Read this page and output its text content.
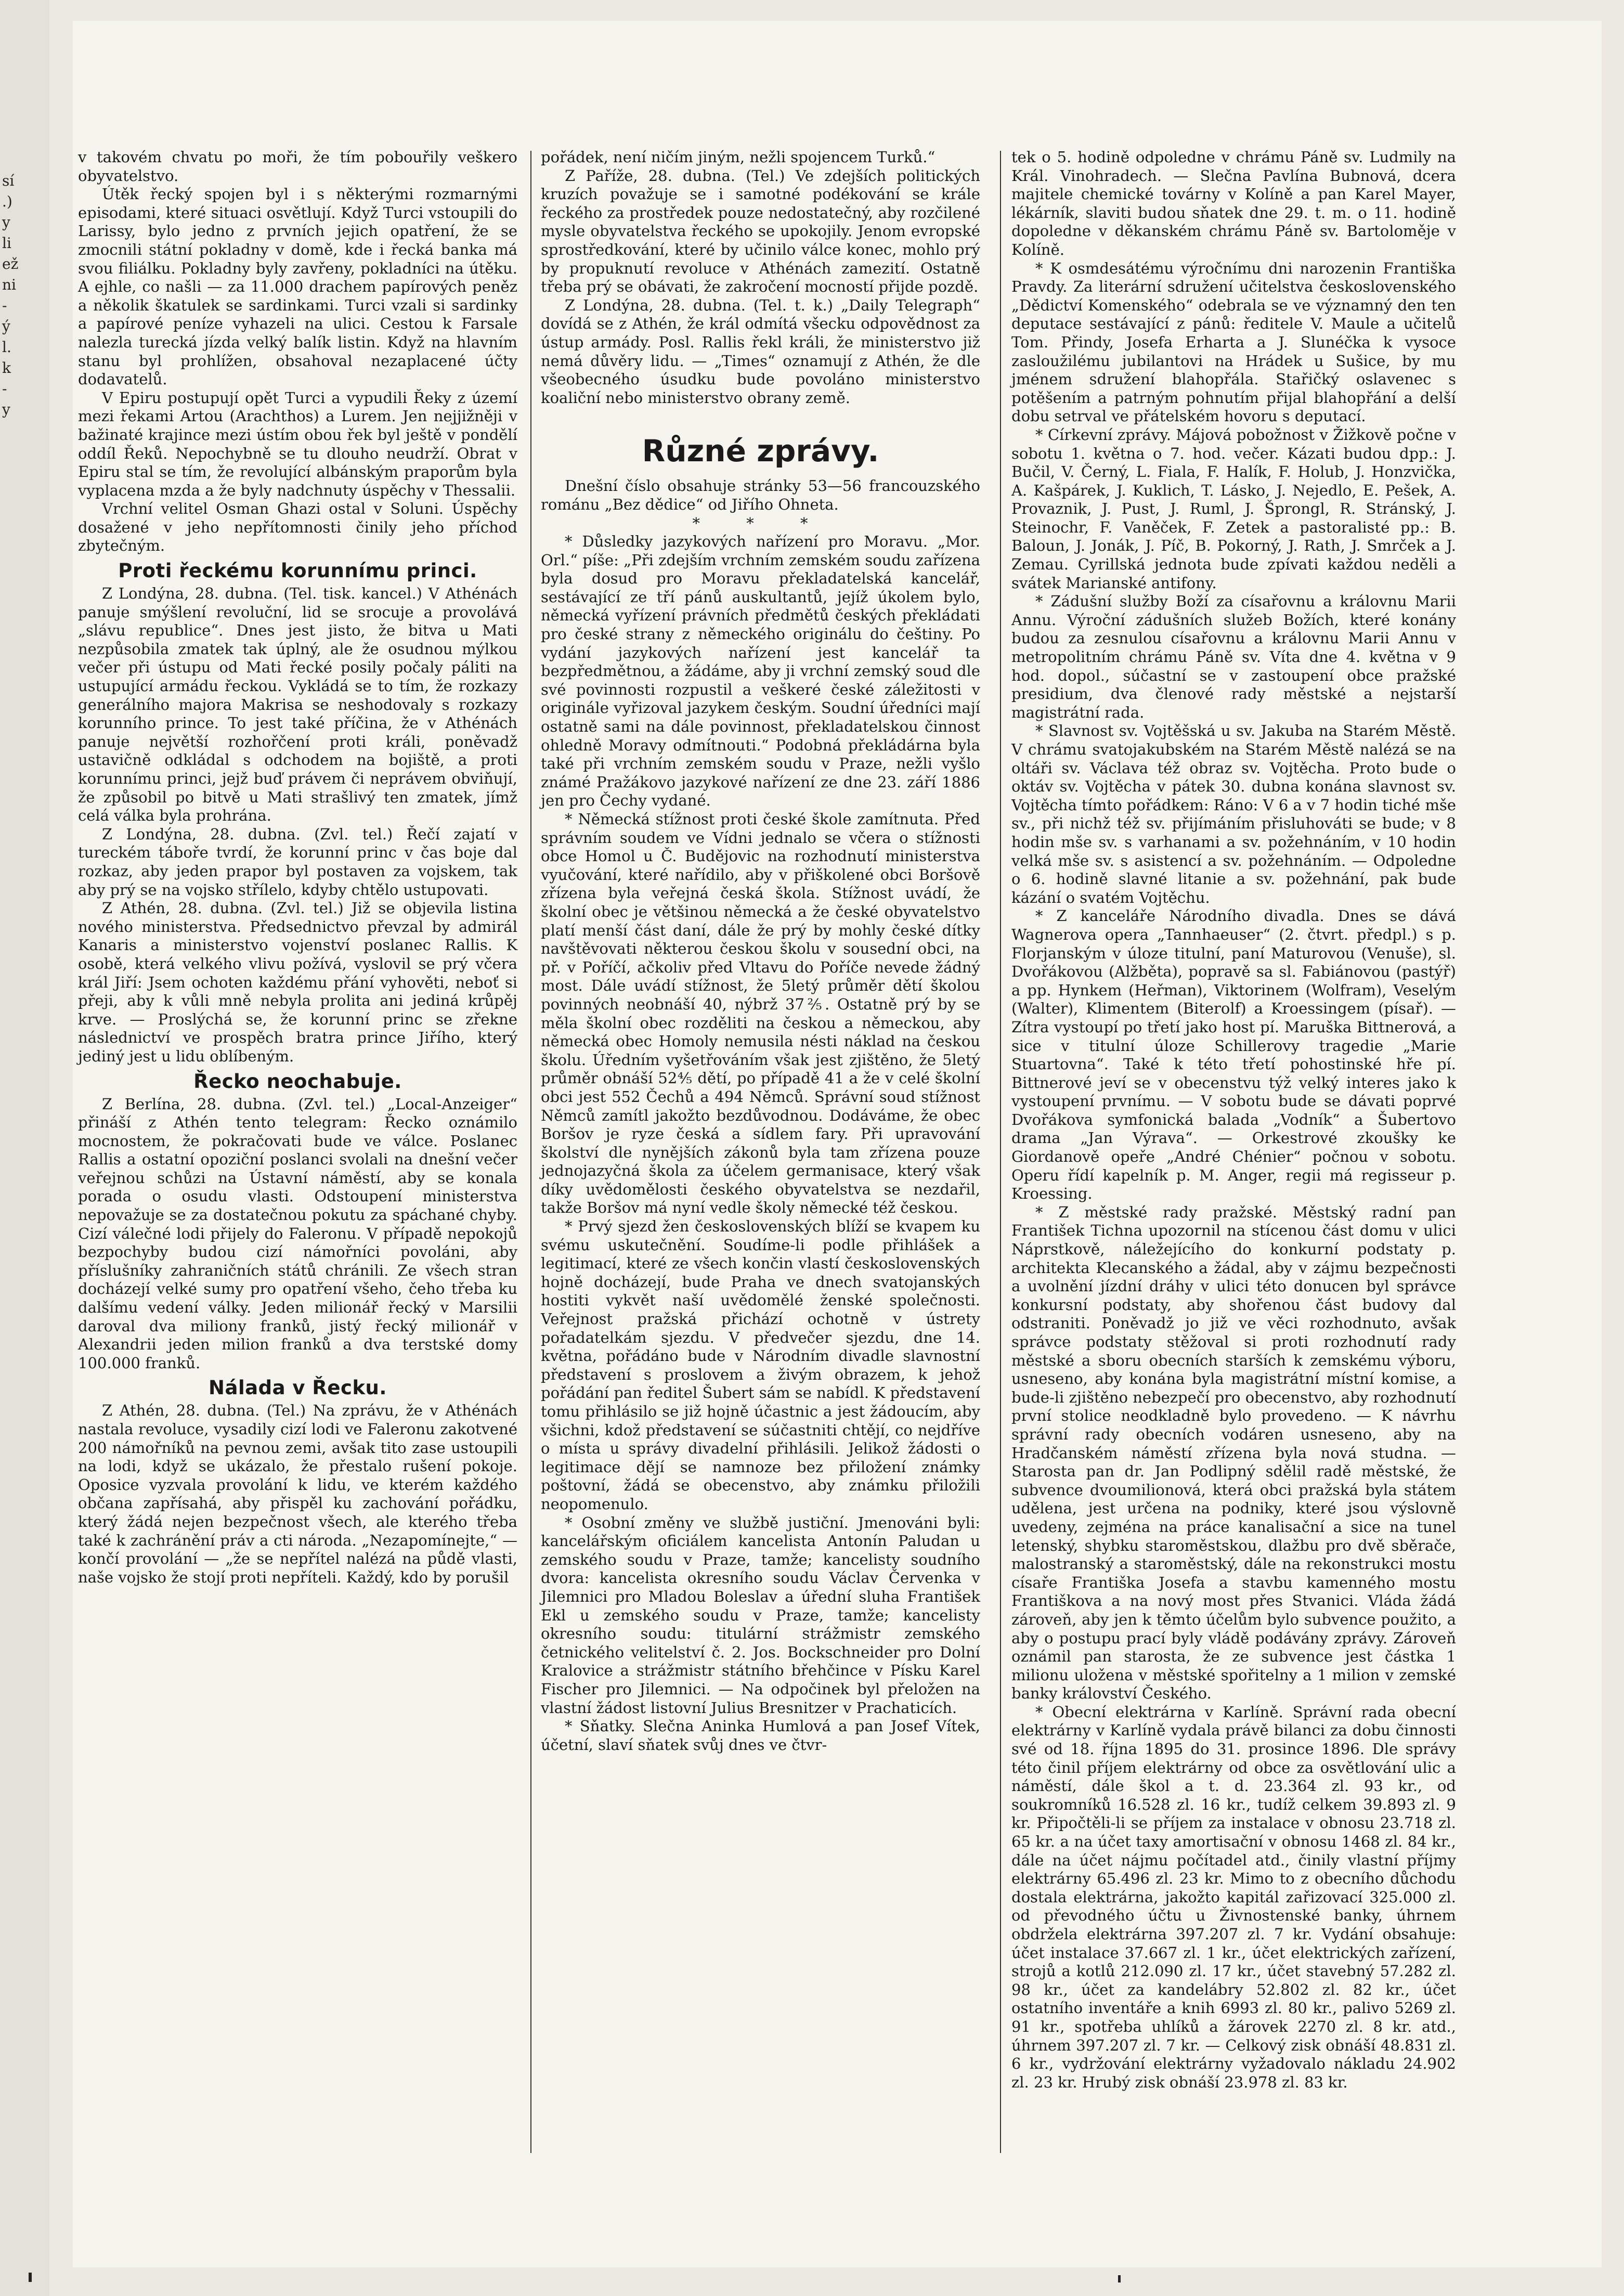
sí
.)
y
li
ež
ni
-
ý
l.
k
-
y

v takovém chvatu po moři, že tím pobouřily veškero obyvatelstvo.

Útěk řecký spojen byl i s některými rozmarnými episodami, které situaci osvětlují. Když Turci vstoupili do Larissy, bylo jedno z prvních jejich opatření, že se zmocnili státní pokladny v domě, kde i řecká banka má svou filiálku. Pokladny byly zavřeny, pokladníci na útěku. A ejhle, co našli — za 11.000 drachem papírových peněz a několik škatulek se sardinkami. Turci vzali si sardinky a papírové peníze vyhazeli na ulici. Cestou k Farsale nalezla turecká jízda velký balík listin. Když na hlavním stanu byl prohlížen, obsahoval nezaplacené účty dodavatelů.

V Epiru postupují opět Turci a vypudili Řeky z území mezi řekami Artou (Arachthos) a Lurem. Jen nejjižněji v bažinaté krajince mezi ústím obou řek byl ještě v pondělí oddíl Řeků. Nepochybně se tu dlouho neudrží. Obrat v Epiru stal se tím, že revolující albánským praporům byla vyplacena mzda a že byly nadchnuty úspěchy v Thessalii.

Vrchní velitel Osman Ghazi ostal v Soluni. Úspěchy dosažené v jeho nepřítomnosti činily jeho příchod zbytečným.

Proti řeckému korunnímu princi.

Z Londýna, 28. dubna. (Tel. tisk. kancel.) V Athénách panuje smýšlení revoluční, lid se srocuje a provolává „slávu republice“. Dnes jest jisto, že bitva u Mati nezpůsobila zmatek tak úplný, ale že osudnou mýlkou večer při ústupu od Mati řecké posily počaly páliti na ustupující armádu řeckou. Vykládá se to tím, že rozkazy generálního majora Makrisa se neshodovaly s rozkazy korunního prince. To jest také příčina, že v Athénách panuje největší rozhořčení proti králi, poněvadž ustavičně odkládal s odchodem na bojiště, a proti korunnímu princi, jejž buď právem či neprávem obviňují, že způsobil po bitvě u Mati strašlivý ten zmatek, jímž celá válka byla prohrána.

Z Londýna, 28. dubna. (Zvl. tel.) Řečí zajatí v tureckém táboře tvrdí, že korunní princ v čas boje dal rozkaz, aby jeden prapor byl postaven za vojskem, tak aby prý se na vojsko střílelo, kdyby chtělo ustupovati.

Z Athén, 28. dubna. (Zvl. tel.) Již se objevila listina nového ministerstva. Předsednictvo převzal by admirál Kanaris a ministerstvo vojenství poslanec Rallis. K osobě, která velkého vlivu požívá, vyslovil se prý včera král Jiří: Jsem ochoten každému přání vyhověti, neboť si přeji, aby k vůli mně nebyla prolita ani jediná krůpěj krve. — Proslýchá se, že korunní princ se zřekne následnictví ve prospěch bratra prince Jiřího, který jediný jest u lidu oblíbeným.

Řecko neochabuje.

Z Berlína, 28. dubna. (Zvl. tel.) „Local-Anzeiger“ přináší z Athén tento telegram: Řecko oznámilo mocnostem, že pokračovati bude ve válce. Poslanec Rallis a ostatní opoziční poslanci svolali na dnešní večer veřejnou schůzi na Ústavní náměstí, aby se konala porada o osudu vlasti. Odstoupení ministerstva nepovažuje se za dostatečnou pokutu za spáchané chyby. Cizí válečné lodi přijely do Faleronu. V případě nepokojů bezpochyby budou cizí námořníci povoláni, aby příslušníky zahraničních států chránili. Ze všech stran docházejí velké sumy pro opatření všeho, čeho třeba ku dalšímu vedení války. Jeden milionář řecký v Marsilii daroval dva miliony franků, jistý řecký milionář v Alexandrii jeden milion franků a dva terstské domy 100.000 franků.

Nálada v Řecku.

Z Athén, 28. dubna. (Tel.) Na zprávu, že v Athénách nastala revoluce, vysadily cizí lodi ve Faleronu zakotvené 200 námořníků na pevnou zemi, avšak tito zase ustoupili na lodi, když se ukázalo, že přestalo rušení pokoje. Oposice vyzvala provolání k lidu, ve kterém každého občana zapřísahá, aby přispěl ku zachování pořádku, který žádá nejen bezpečnost všech, ale kterého třeba také k zachránění práv a cti národa. „Nezapomínejte,“ — končí provolání — „že se nepřítel nalézá na půdě vlasti, naše vojsko že stojí proti nepříteli. Každý, kdo by porušil

pořádek, není ničím jiným, nežli spojencem Turků.“

Z Paříže, 28. dubna. (Tel.) Ve zdejších politických kruzích považuje se i samotné podékování se krále řeckého za prostředek pouze nedostatečný, aby rozčilené mysle obyvatelstva řeckého se upokojily. Jenom evropské sprostředkování, které by učinilo válce konec, mohlo prý by propuknutí revoluce v Athénách zamezití. Ostatně třeba prý se obávati, že zakročení mocností přijde pozdě.

Z Londýna, 28. dubna. (Tel. t. k.) „Daily Telegraph“ dovídá se z Athén, že král odmítá všecku odpovědnost za ústup armády. Posl. Rallis řekl králi, že ministerstvo již nemá důvěry lidu. — „Times“ oznamují z Athén, že dle všeobecného úsudku bude povoláno ministerstvo koaliční nebo ministerstvo obrany země.

Různé zprávy.

Dnešní číslo obsahuje stránky 53—56 francouzského románu „Bez dědice“ od Jiřího Ohneta.

* * *

* Důsledky jazykových nařízení pro Moravu. „Mor. Orl.“ píše: „Při zdejším vrchním zemském soudu zařízena byla dosud pro Moravu překladatelská kancelář, sestávající ze tří pánů auskultantů, jejíž úkolem bylo, německá vyřízení právních předmětů českých překládati pro české strany z německého originálu do češtiny. Po vydání jazykových nařízení jest kancelář ta bezpředmětnou, a žádáme, aby ji vrchní zemský soud dle své povinnosti rozpustil a veškeré české záležitosti v originále vyřizoval jazykem českým. Soudní úředníci mají ostatně sami na dále povinnost, překladatelskou činnost ohledně Moravy odmítnouti.“ Podobná překládárna byla také při vrchním zemském soudu v Praze, nežli vyšlo známé Pražákovo jazykové nařízení ze dne 23. září 1886 jen pro Čechy vydané.

* Německá stížnost proti české škole zamítnuta. Před správním soudem ve Vídni jednalo se včera o stížnosti obce Homol u Č. Budějovic na rozhodnutí ministerstva vyučování, které nařídilo, aby v přiškolené obci Boršově zřízena byla veřejná česká škola. Stížnost uvádí, že školní obec je většinou německá a že české obyvatelstvo platí menší část daní, dále že prý by mohly české dítky navštěvovati některou českou školu v sousední obci, na př. v Poříčí, ačkoliv před Vltavu do Poříče nevede žádný most. Dále uvádí stížnost, že 5letý průměr dětí školou povinných neobnáší 40, nýbrž 37⅖. Ostatně prý by se měla školní obec rozděliti na českou a německou, aby německá obec Homoly nemusila nésti náklad na českou školu. Úředním vyšetřováním však jest zjištěno, že 5letý průměr obnáší 52⅘ dětí, po případě 41 a že v celé školní obci jest 552 Čechů a 494 Němců. Správní soud stížnost Němců zamítl jakožto bezdůvodnou. Dodáváme, že obec Boršov je ryze česká a sídlem fary. Při upravování školství dle nynějších zákonů byla tam zřízena pouze jednojazyčná škola za účelem germanisace, který však díky uvědomělosti českého obyvatelstva se nezdařil, takže Boršov má nyní vedle školy německé též českou.

* Prvý sjezd žen československých blíží se kvapem ku svému uskutečnění. Soudíme-li podle přihlášek a legitimací, které ze všech končin vlastí československých hojně docházejí, bude Praha ve dnech svatojanských hostiti vykvět naší uvědomělé ženské společnosti. Veřejnost pražská přichází ochotně v ústrety pořadatelkám sjezdu. V předvečer sjezdu, dne 14. května, pořádáno bude v Národním divadle slavnostní představení s proslovem a živým obrazem, k jehož pořádání pan ředitel Šubert sám se nabídl. K představení tomu přihlásilo se již hojně účastnic a jest žádoucím, aby všichni, kdož představení se súčastniti chtějí, co nejdříve o místa u správy divadelní přihlásili. Jelikož žádosti o legitimace dějí se namnoze bez přiložení známky poštovní, žádá se obecenstvo, aby známku přiložili neopomenulo.

* Osobní změny ve službě justiční. Jmenováni byli: kancelářským oficiálem kancelista Antonín Paludan u zemského soudu v Praze, tamže; kancelisty soudního dvora: kancelista okresního soudu Václav Červenka v Jilemnici pro Mladou Boleslav a úřední sluha František Ekl u zemského soudu v Praze, tamže; kancelisty okresního soudu: titulární strážmistr zemského četnického velitelství č. 2. Jos. Bockschneider pro Dolní Kralovice a strážmistr státního břehčince v Písku Karel Fischer pro Jilemnici. — Na odpočinek byl přeložen na vlastní žádost listovní Julius Bresnitzer v Prachaticích.

* Sňatky. Slečna Aninka Humlová a pan Josef Vítek, účetní, slaví sňatek svůj dnes ve čtvr-

tek o 5. hodině odpoledne v chrámu Páně sv. Ludmily na Král. Vinohradech. — Slečna Pavlína Bubnová, dcera majitele chemické továrny v Kolíně a pan Karel Mayer, lékárník, slaviti budou sňatek dne 29. t. m. o 11. hodině dopoledne v děkanském chrámu Páně sv. Bartoloměje v Kolíně.

* K osmdesátému výročnímu dni narozenin Františka Pravdy. Za literární sdružení učitelstva československého „Dědictví Komenského“ odebrala se ve významný den ten deputace sestávající z pánů: ředitele V. Maule a učitelů Tom. Přindy, Josefa Erharta a J. Slunéčka k vysoce zasloužilému jubilantovi na Hrádek u Sušice, by mu jménem sdružení blahopřála. Stařičký oslavenec s potěšením a patrným pohnutím přijal blahopřání a delší dobu setrval ve přátelském hovoru s deputací.

* Církevní zprávy. Májová pobožnost v Žižkově počne v sobotu 1. května o 7. hod. večer. Kázati budou dpp.: J. Bučil, V. Černý, L. Fiala, F. Halík, F. Holub, J. Honzvička, A. Kašpárek, J. Kuklich, T. Lásko, J. Nejedlo, E. Pešek, A. Provaznik, J. Pust, J. Ruml, J. Šprongl, R. Stránský, J. Steinochr, F. Vaněček, F. Zetek a pastoralisté pp.: B. Baloun, J. Jonák, J. Píč, B. Pokorný, J. Rath, J. Smrček a J. Zemau. Cyrillská jednota bude zpívati každou neděli a svátek Marianské antifony.

* Zádušní služby Boží za císařovnu a královnu Marii Annu. Výroční zádušních služeb Božích, které konány budou za zesnulou císařovnu a královnu Marii Annu v metropolitním chrámu Páně sv. Víta dne 4. května v 9 hod. dopol., súčastní se v zastoupení obce pražské presidium, dva členové rady městské a nejstarší magistrátní rada.

* Slavnost sv. Vojtěšská u sv. Jakuba na Starém Městě. V chrámu svatojakubském na Starém Městě nalézá se na oltáři sv. Václava též obraz sv. Vojtěcha. Proto bude o oktáv sv. Vojtěcha v pátek 30. dubna konána slavnost sv. Vojtěcha tímto pořádkem: Ráno: V 6 a v 7 hodin tiché mše sv., při nichž též sv. přijímáním přisluhováti se bude; v 8 hodin mše sv. s varhanami a sv. požehnáním, v 10 hodin velká mše sv. s asistencí a sv. požehnáním. — Odpoledne o 6. hodině slavné litanie a sv. požehnání, pak bude kázání o svatém Vojtěchu.

* Z kanceláře Národního divadla. Dnes se dává Wagnerova opera „Tannhaeuser“ (2. čtvrt. předpl.) s p. Florjanským v úloze titulní, paní Maturovou (Venuše), sl. Dvořákovou (Alžběta), popravě sa sl. Fabiánovou (pastýř) a pp. Hynkem (Heřman), Viktorinem (Wolfram), Veselým (Walter), Klimentem (Biterolf) a Kroessingem (písař). — Zítra vystoupí po třetí jako host pí. Maruška Bittnerová, a sice v titulní úloze Schillerovy tragedie „Marie Stuartovna“. Také k této třetí pohostinské hře pí. Bittnerové jeví se v obecenstvu týž velký interes jako k vystoupení prvnímu. — V sobotu bude se dávati poprvé Dvořákova symfonická balada „Vodník“ a Šubertovo drama „Jan Výrava“. — Orkestrové zkoušky ke Giordanově opeře „André Chénier“ počnou v sobotu. Operu řídí kapelník p. M. Anger, regii má regisseur p. Kroessing.

* Z městské rady pražské. Městský radní pan František Tichna upozornil na stícenou část domu v ulici Náprstkově, náležejícího do konkurní podstaty p. architekta Klecanského a žádal, aby v zájmu bezpečnosti a uvolnění jízdní dráhy v ulici této donucen byl správce konkursní podstaty, aby shořenou část budovy dal odstraniti. Poněvadž jo již ve věci rozhodnuto, avšak správce podstaty stěžoval si proti rozhodnutí rady městské a sboru obecních starších k zemskému výboru, usneseno, aby konána byla magistrátní místní komise, a bude-li zjištěno nebezpečí pro obecenstvo, aby rozhodnutí první stolice neodkladně bylo provedeno. — K návrhu správní rady obecních vodáren usneseno, aby na Hradčanském náměstí zřízena byla nová studna. — Starosta pan dr. Jan Podlipný sdělil radě městské, že subvence dvoumilionová, která obci pražská byla státem udělena, jest určena na podniky, které jsou výslovně uvedeny, zejména na práce kanalisační a sice na tunel letenský, shybku staroměstskou, dlažbu pro dvě sběrače, malostranský a staroměstský, dále na rekonstrukci mostu císaře Františka Josefa a stavbu kamenného mostu Františkova a na nový most přes Stvanici. Vláda žádá zároveň, aby jen k těmto účelům bylo subvence použito, a aby o postupu prací byly vládě podávány zprávy. Zároveň oznámil pan starosta, že ze subvence jest částka 1 milionu uložena v městské spořitelny a 1 milion v zemské banky království Českého.

* Obecní elektrárna v Karlíně. Správní rada obecní elektrárny v Karlíně vydala právě bilanci za dobu činnosti své od 18. října 1895 do 31. prosince 1896. Dle správy této činil příjem elektrárny od obce za osvětlování ulic a náměstí, dále škol a t. d. 23.364 zl. 93 kr., od soukromníků 16.528 zl. 16 kr., tudíž celkem 39.893 zl. 9 kr. Připočtěli-li se příjem za instalace v obnosu 23.718 zl. 65 kr. a na účet taxy amortisační v obnosu 1468 zl. 84 kr., dále na účet nájmu počítadel atd., činily vlastní příjmy elektrárny 65.496 zl. 23 kr. Mimo to z obecního důchodu dostala elektrárna, jakožto kapitál zařizovací 325.000 zl. od převodného účtu u Živnostenské banky, úhrnem obdržela elektrárna 397.207 zl. 7 kr. Vydání obsahuje: účet instalace 37.667 zl. 1 kr., účet elektrických zařízení, strojů a kotlů 212.090 zl. 17 kr., účet stavebný 57.282 zl. 98 kr., účet za kandelábry 52.802 zl. 82 kr., účet ostatního inventáře a knih 6993 zl. 80 kr., palivo 5269 zl. 91 kr., spotřeba uhlíků a žárovek 2270 zl. 8 kr. atd., úhrnem 397.207 zl. 7 kr. — Celkový zisk obnáší 48.831 zl. 6 kr., vydržování elektrárny vyžadovalo nákladu 24.902 zl. 23 kr. Hrubý zisk obnáší 23.978 zl. 83 kr.
